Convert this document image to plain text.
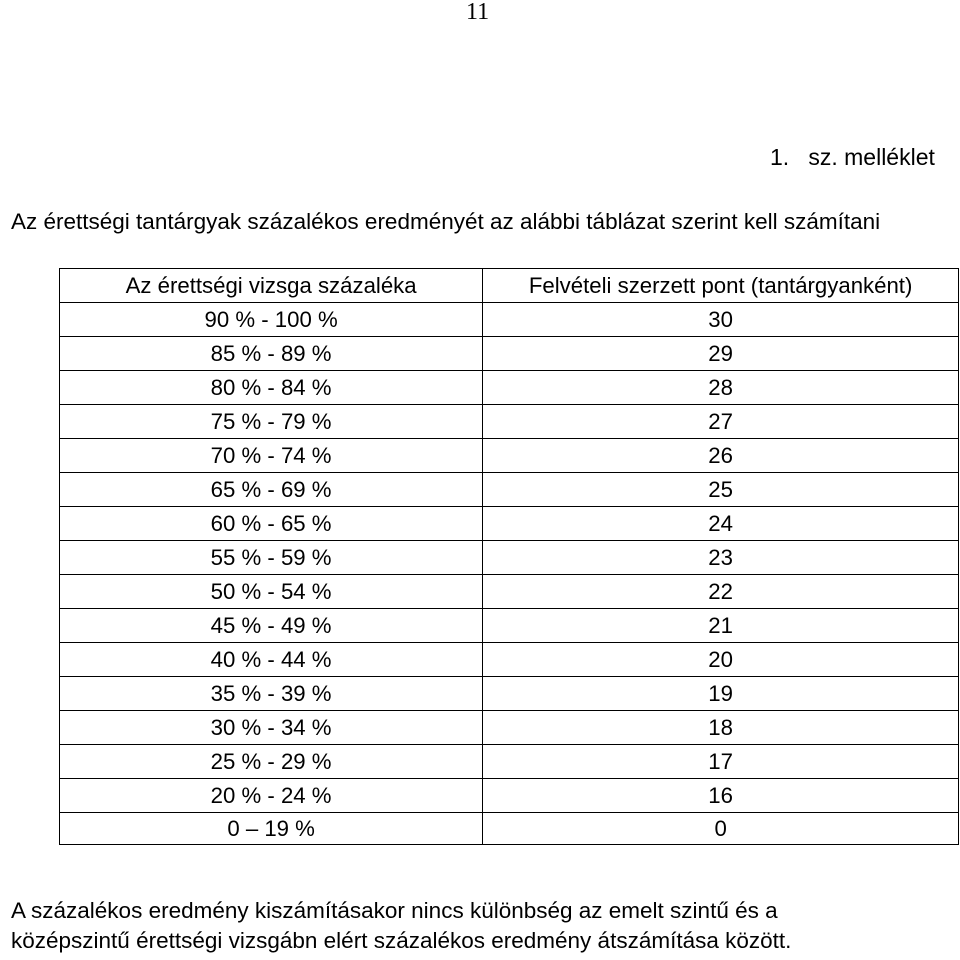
11
1.   sz. melléklet
Az érettségi tantárgyak százalékos eredményét az alábbi táblázat szerint kell számítani
Az érettségi vizsga százaléka	Felvételi szerzett pont (tantárgyanként)
90 % - 100 %	30
85 % - 89 %	29
80 % - 84 %	28
75 % - 79 %	27
70 % - 74 %	26
65 % - 69 %	25
60 % - 65 %	24
55 % - 59 %	23
50 % - 54 %	22
45 % - 49 %	21
40 % - 44 %	20
35 % - 39 %	19
30 % - 34 %	18
25 % - 29 %	17
20 % - 24 %	16
0 – 19 %	0
A százalékos eredmény kiszámításakor nincs különbség az emelt szintű és a
középszintű érettségi vizsgábn elért százalékos eredmény átszámítása között.
